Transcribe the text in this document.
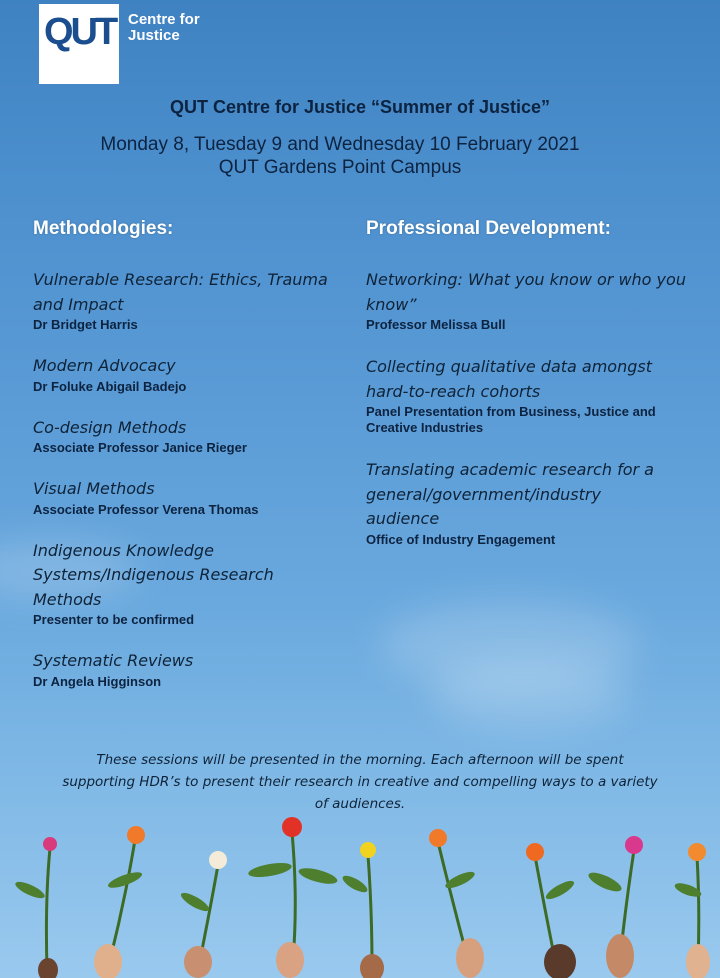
QUT Centre for
Justice
QUT Centre for Justice “Summer of Justice”
Monday 8, Tuesday 9 and Wednesday 10 February 2021
QUT Gardens Point Campus
Methodologies:
Vulnerable Research: Ethics, Trauma and Impact
Dr Bridget Harris
Modern Advocacy
Dr Foluke Abigail Badejo
Co-design Methods
Associate Professor Janice Rieger
Visual Methods
Associate Professor Verena Thomas
Indigenous Knowledge Systems/Indigenous Research Methods
Presenter to be confirmed
Systematic Reviews
Dr Angela Higginson
Professional Development:
Networking: What you know or who you know”
Professor Melissa Bull
Collecting qualitative data amongst hard-to-reach cohorts
Panel Presentation from Business, Justice and Creative Industries
Translating academic research for a general/government/industry audience
Office of Industry Engagement
These sessions will be presented in the morning. Each afternoon will be spent supporting HDR’s to present their research in creative and compelling ways to a variety of audiences.
